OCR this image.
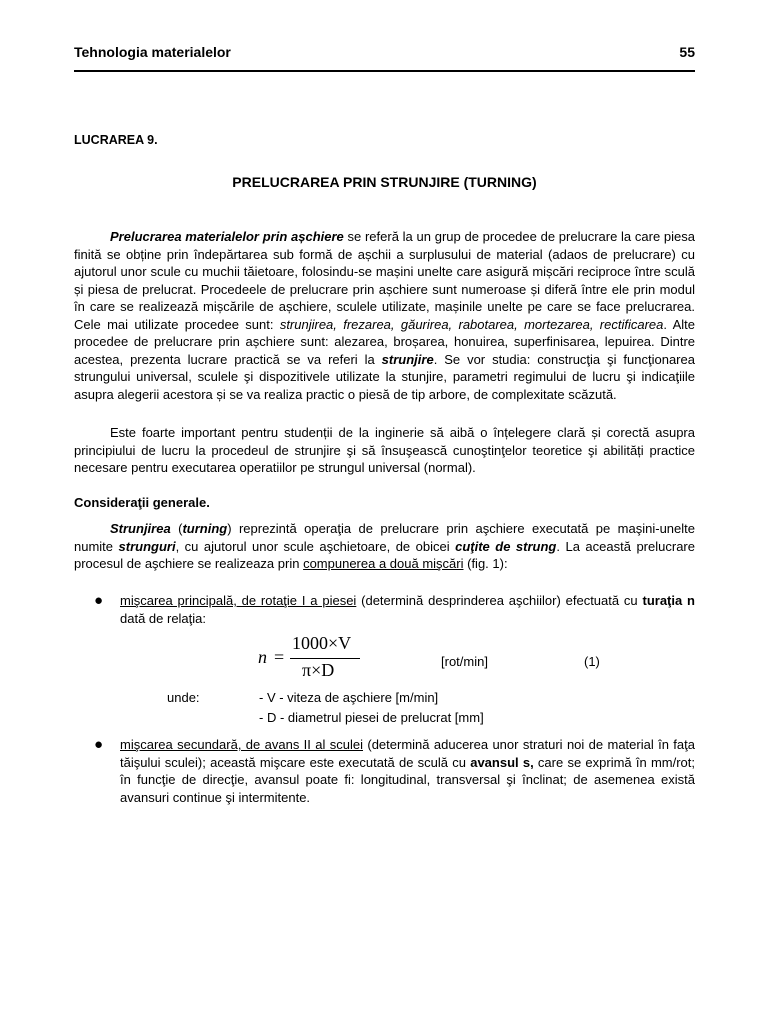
Tehnologia materialelor	55
LUCRAREA 9.
PRELUCRAREA PRIN STRUNJIRE (TURNING)

Prelucrarea materialelor prin așchiere se referă la un grup de procedee de prelucrare la care piesa finită se obține prin îndepărtarea sub formă de așchii a surplusului de material (adaos de prelucrare) cu ajutorul unor scule cu muchii tăietoare, folosindu-se mașini unelte care asigură mișcări reciproce între sculă și piesa de prelucrat. Procedeele de prelucrare prin așchiere sunt numeroase și diferă între ele prin modul în care se realizează mișcările de așchiere, sculele utilizate, mașinile unelte pe care se face prelucrarea. Cele mai utilizate procedee sunt: strunjirea, frezarea, găurirea, rabotarea, mortezarea, rectificarea. Alte procedee de prelucrare prin așchiere sunt: alezarea, broșarea, honuirea, superfinisarea, lepuirea. Dintre acestea, prezenta lucrare practică se va referi la strunjire. Se vor studia: construcţia şi funcţionarea strungului universal, sculele şi dispozitivele utilizate la stunjire, parametri regimului de lucru şi indicaţiile asupra alegerii acestora și se va realiza practic o piesă de tip arbore, de complexitate scăzută.

Este foarte important pentru studenții de la inginerie să aibă o înțelegere clară și corectă asupra principiului de lucru la procedeul de strunjire şi să însuşească cunoştinţelor teoretice şi abilități practice necesare pentru executarea operatiilor pe strungul universal (normal).

Consideraţii generale.

Strunjirea (turning) reprezintă operaţia de prelucrare prin aşchiere executată pe maşini-unelte numite strunguri, cu ajutorul unor scule aşchietoare, de obicei cuţite de strung. La această prelucrare procesul de aşchiere se realizeaza prin compunerea a două mişcări (fig. 1):

● mişcarea principală, de rotaţie I a piesei (determină desprinderea aşchiilor) efectuată cu turaţia n dată de relaţia:
n =
1000×V
π×D	[rot/min]	(1)
unde:	- V - viteza de aşchiere [m/min]
- D - diametrul piesei de prelucrat [mm]
● mişcarea secundară, de avans II al sculei (determină aducerea unor straturi noi de material în faţa tăişului sculei); această mişcare este executată de sculă cu avansul s, care se exprimă în mm/rot; în funcţie de direcţie, avansul poate fi: longitudinal, transversal şi înclinat; de asemenea există avansuri continue şi intermitente.
